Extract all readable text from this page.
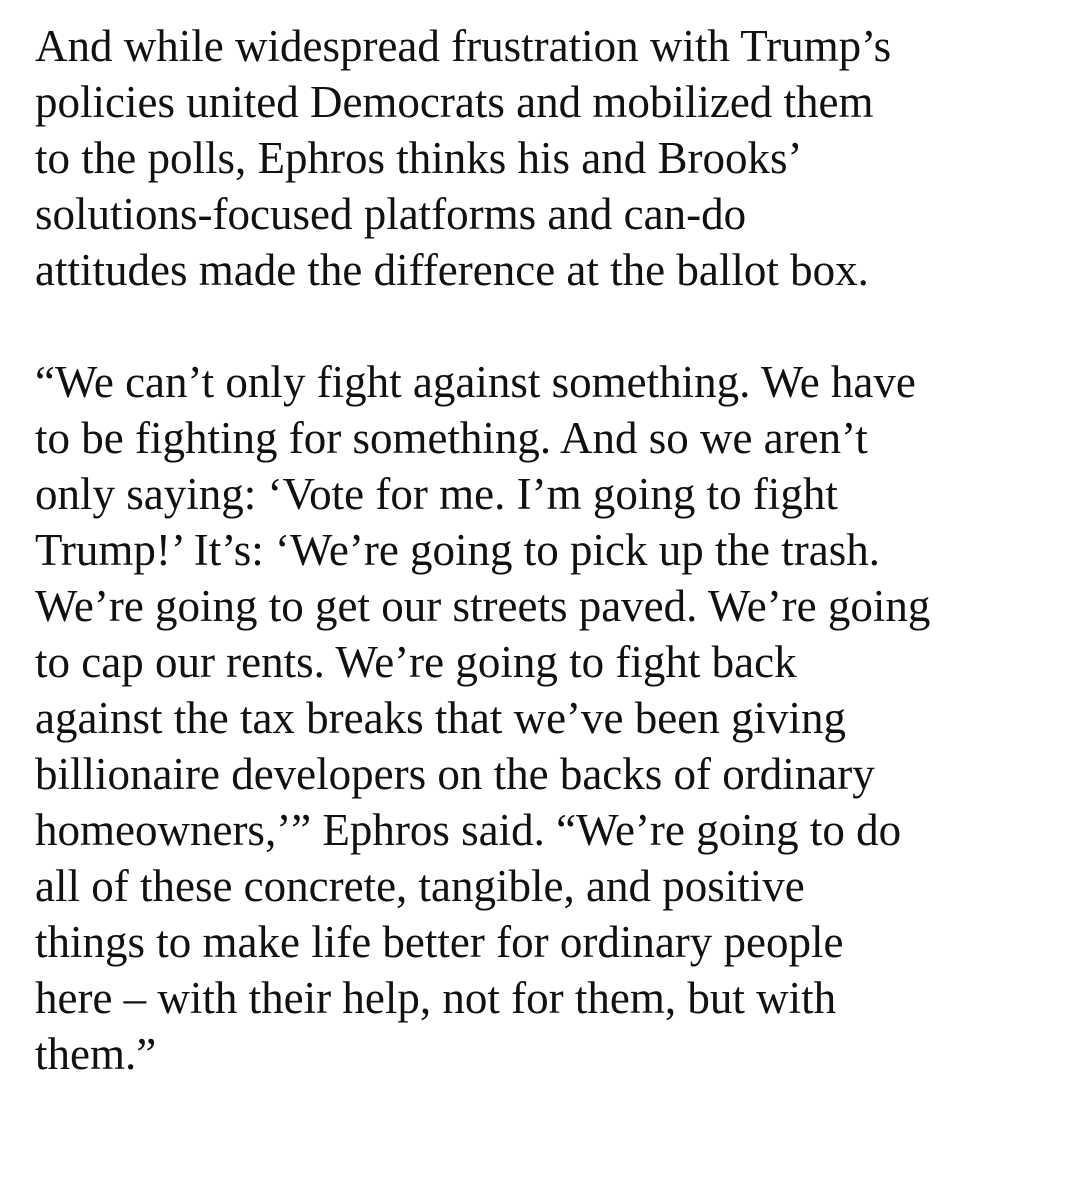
And while widespread frustration with Trump’s
policies united Democrats and mobilized them
to the polls, Ephros thinks his and Brooks’
solutions-focused platforms and can-do
attitudes made the difference at the ballot box.

“We can’t only fight against something. We have
to be fighting for something. And so we aren’t
only saying: ‘Vote for me. I’m going to fight
Trump!’ It’s: ‘We’re going to pick up the trash.
We’re going to get our streets paved. We’re going
to cap our rents. We’re going to fight back
against the tax breaks that we’ve been giving
billionaire developers on the backs of ordinary
homeowners,’” Ephros said. “We’re going to do
all of these concrete, tangible, and positive
things to make life better for ordinary people
here – with their help, not for them, but with
them.”
